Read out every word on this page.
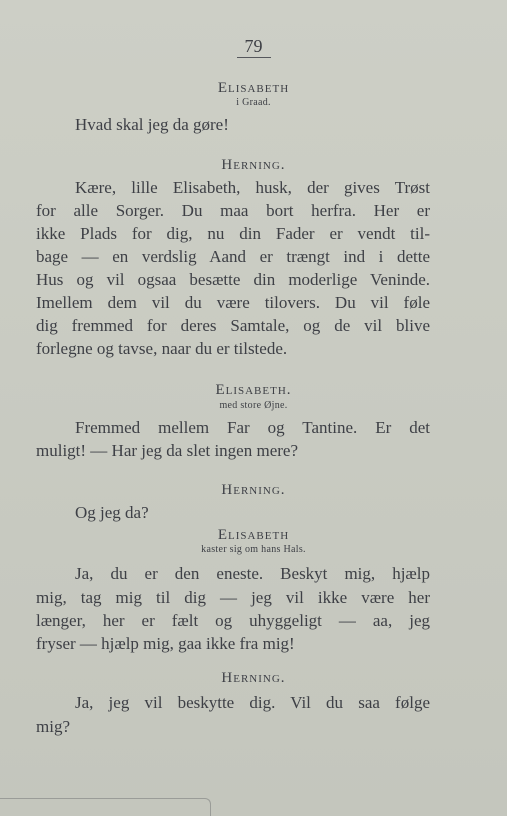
79
Elisabeth
i Graad.
Hvad skal jeg da gøre!
Herning.
Kære, lille Elisabeth, husk, der gives Trøst
for alle Sorger. Du maa bort herfra. Her er
ikke Plads for dig, nu din Fader er vendt til-
bage — en verdslig Aand er trængt ind i dette
Hus og vil ogsaa besætte din moderlige Veninde.
Imellem dem vil du være tilovers. Du vil føle
dig fremmed for deres Samtale, og de vil blive
forlegne og tavse, naar du er tilstede.
Elisabeth.
med store Øjne.
Fremmed mellem Far og Tantine. Er det
muligt! — Har jeg da slet ingen mere?
Herning.
Og jeg da?
Elisabeth
kaster sig om hans Hals.
Ja, du er den eneste. Beskyt mig, hjælp
mig, tag mig til dig — jeg vil ikke være her
længer, her er fælt og uhyggeligt — aa, jeg
fryser — hjælp mig, gaa ikke fra mig!
Herning.
Ja, jeg vil beskytte dig. Vil du saa følge
mig?
